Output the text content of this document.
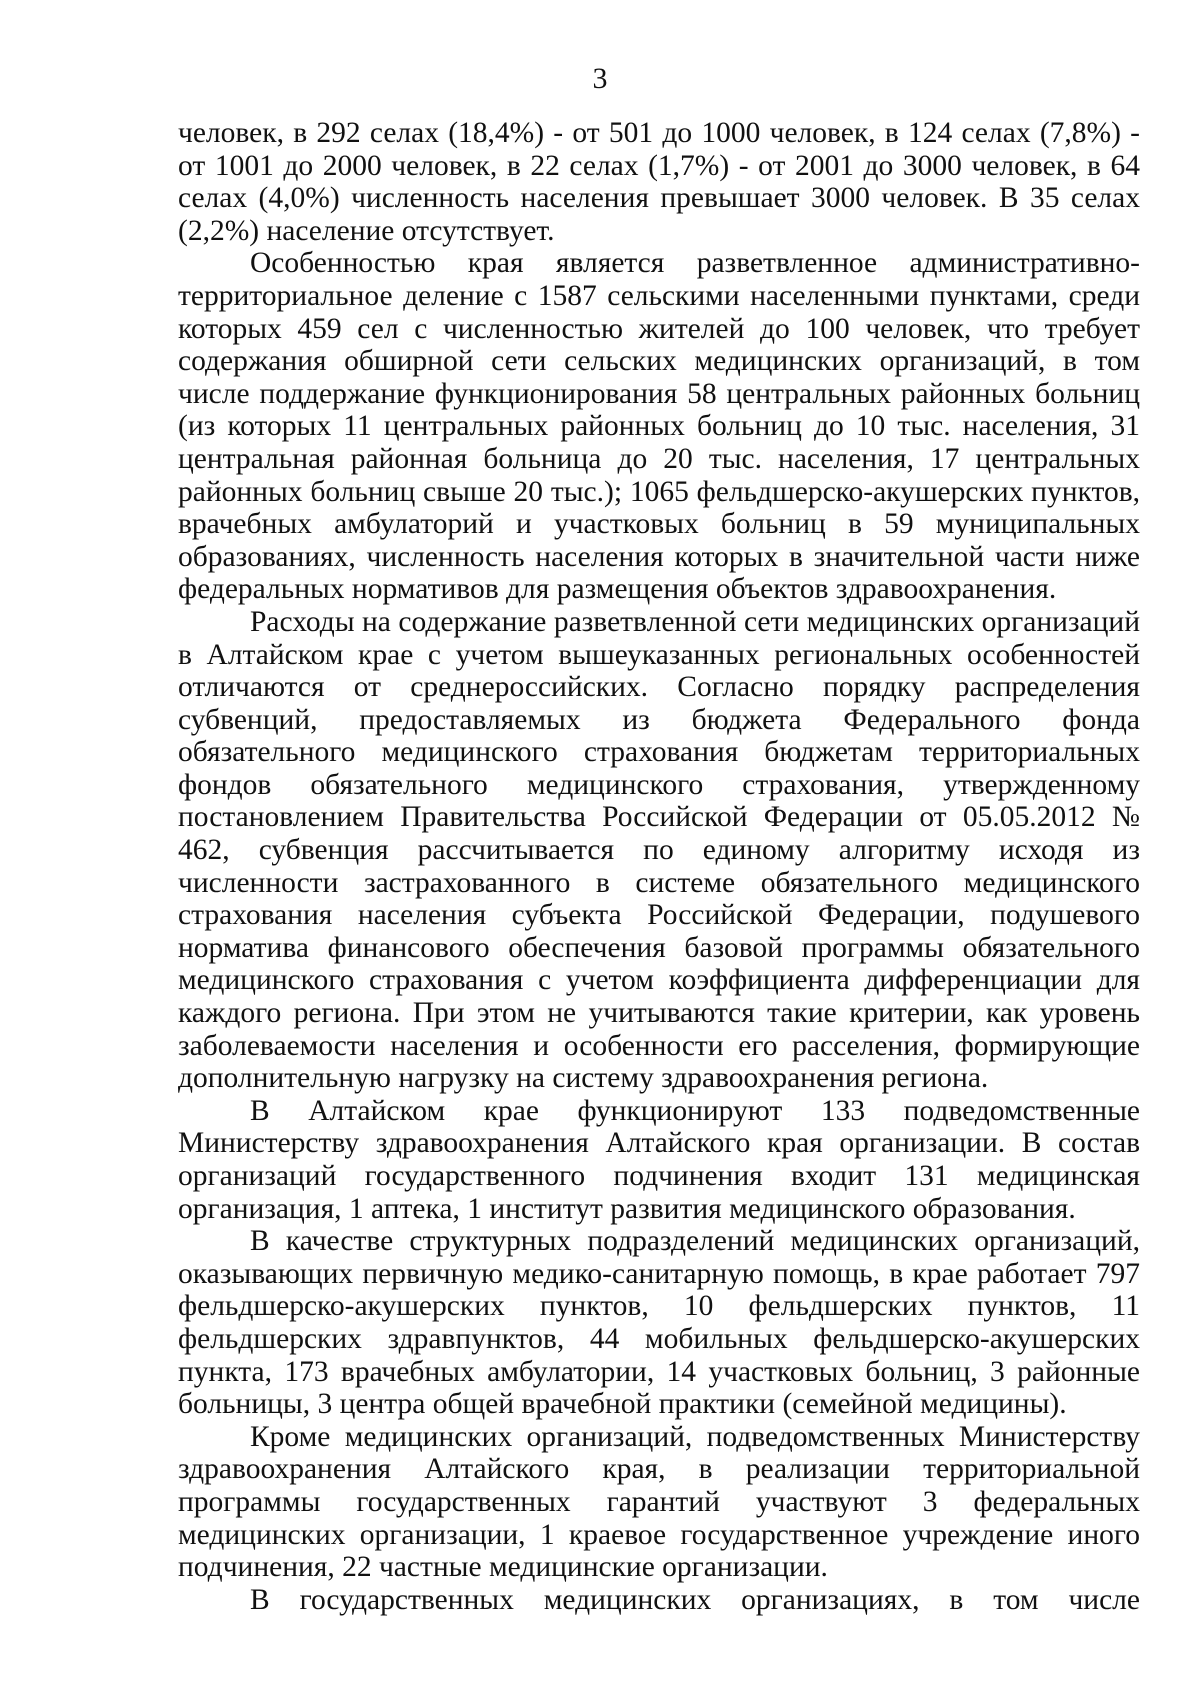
3

человек, в 292 селах (18,4%) - от 501 до 1000 человек, в 124 селах (7,8%) - от 1001 до 2000 человек, в 22 селах (1,7%) - от 2001 до 3000 человек, в 64 селах (4,0%) численность населения превышает 3000 человек. В 35 селах (2,2%) население отсутствует.

Особенностью края является разветвленное административно-территориальное деление с 1587 сельскими населенными пунктами, среди которых 459 сел с численностью жителей до 100 человек, что требует содержания обширной сети сельских медицинских организаций, в том числе поддержание функционирования 58 центральных районных больниц (из которых 11 центральных районных больниц до 10 тыс. населения, 31 центральная районная больница до 20 тыс. населения, 17 центральных районных больниц свыше 20 тыс.); 1065 фельдшерско-акушерских пунктов, врачебных амбулаторий и участковых больниц в 59 муниципальных образованиях, численность населения которых в значительной части ниже федеральных нормативов для размещения объектов здравоохранения.

Расходы на содержание разветвленной сети медицинских организаций в Алтайском крае с учетом вышеуказанных региональных особенностей отличаются от среднероссийских. Согласно порядку распределения субвенций, предоставляемых из бюджета Федерального фонда обязательного медицинского страхования бюджетам территориальных фондов обязательного медицинского страхования, утвержденному постановлением Правительства Российской Федерации от 05.05.2012 № 462, субвенция рассчитывается по единому алгоритму исходя из численности застрахованного в системе обязательного медицинского страхования населения субъекта Российской Федерации, подушевого норматива финансового обеспечения базовой программы обязательного медицинского страхования с учетом коэффициента дифференциации для каждого региона. При этом не учитываются такие критерии, как уровень заболеваемости населения и особенности его расселения, формирующие дополнительную нагрузку на систему здравоохранения региона.

В Алтайском крае функционируют 133 подведомственные Министерству здравоохранения Алтайского края организации. В состав организаций государственного подчинения входит 131 медицинская организация, 1 аптека, 1 институт развития медицинского образования.

В качестве структурных подразделений медицинских организаций, оказывающих первичную медико-санитарную помощь, в крае работает 797 фельдшерско-акушерских пунктов, 10 фельдшерских пунктов, 11 фельдшерских здравпунктов, 44 мобильных фельдшерско-акушерских пункта, 173 врачебных амбулатории, 14 участковых больниц, 3 районные больницы, 3 центра общей врачебной практики (семейной медицины).

Кроме медицинских организаций, подведомственных Министерству здравоохранения Алтайского края, в реализации территориальной программы государственных гарантий участвуют 3 федеральных медицинских организации, 1 краевое государственное учреждение иного подчинения, 22 частные медицинские организации.

В государственных медицинских организациях, в том числе
